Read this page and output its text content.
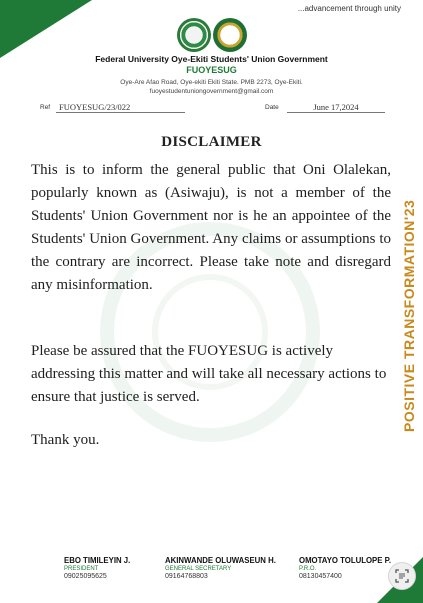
...advancement through unity
Federal University Oye-Ekiti Students' Union Government
FUOYESUG
Oye-Are Afao Road, Oye-ekiti Ekiti State. PMB 2273, Oye-Ekiti.
fuoyestudentuniongovernment@gmail.com
Ref	FUOYESUG/23/022	Date	June 17,2024
DISCLAIMER

This is to inform the general public that Oni Olalekan, popularly known as (Asiwaju), is not a member of the Students' Union Government nor is he an appointee of the Students' Union Government. Any claims or assumptions to the contrary are incorrect. Please take note and disregard any misinformation.

Please be assured that the FUOYESUG is actively addressing this matter and will take all necessary actions to ensure that justice is served.

Thank you.

POSITIVE TRANSFORMATION'23
EBO TIMILEYIN J.
PRESIDENT
09025095625
AKINWANDE OLUWASEUN H.
GENERAL SECRETARY
09164768803
OMOTAYO TOLULOPE P.
P.R.O.
08130457400
